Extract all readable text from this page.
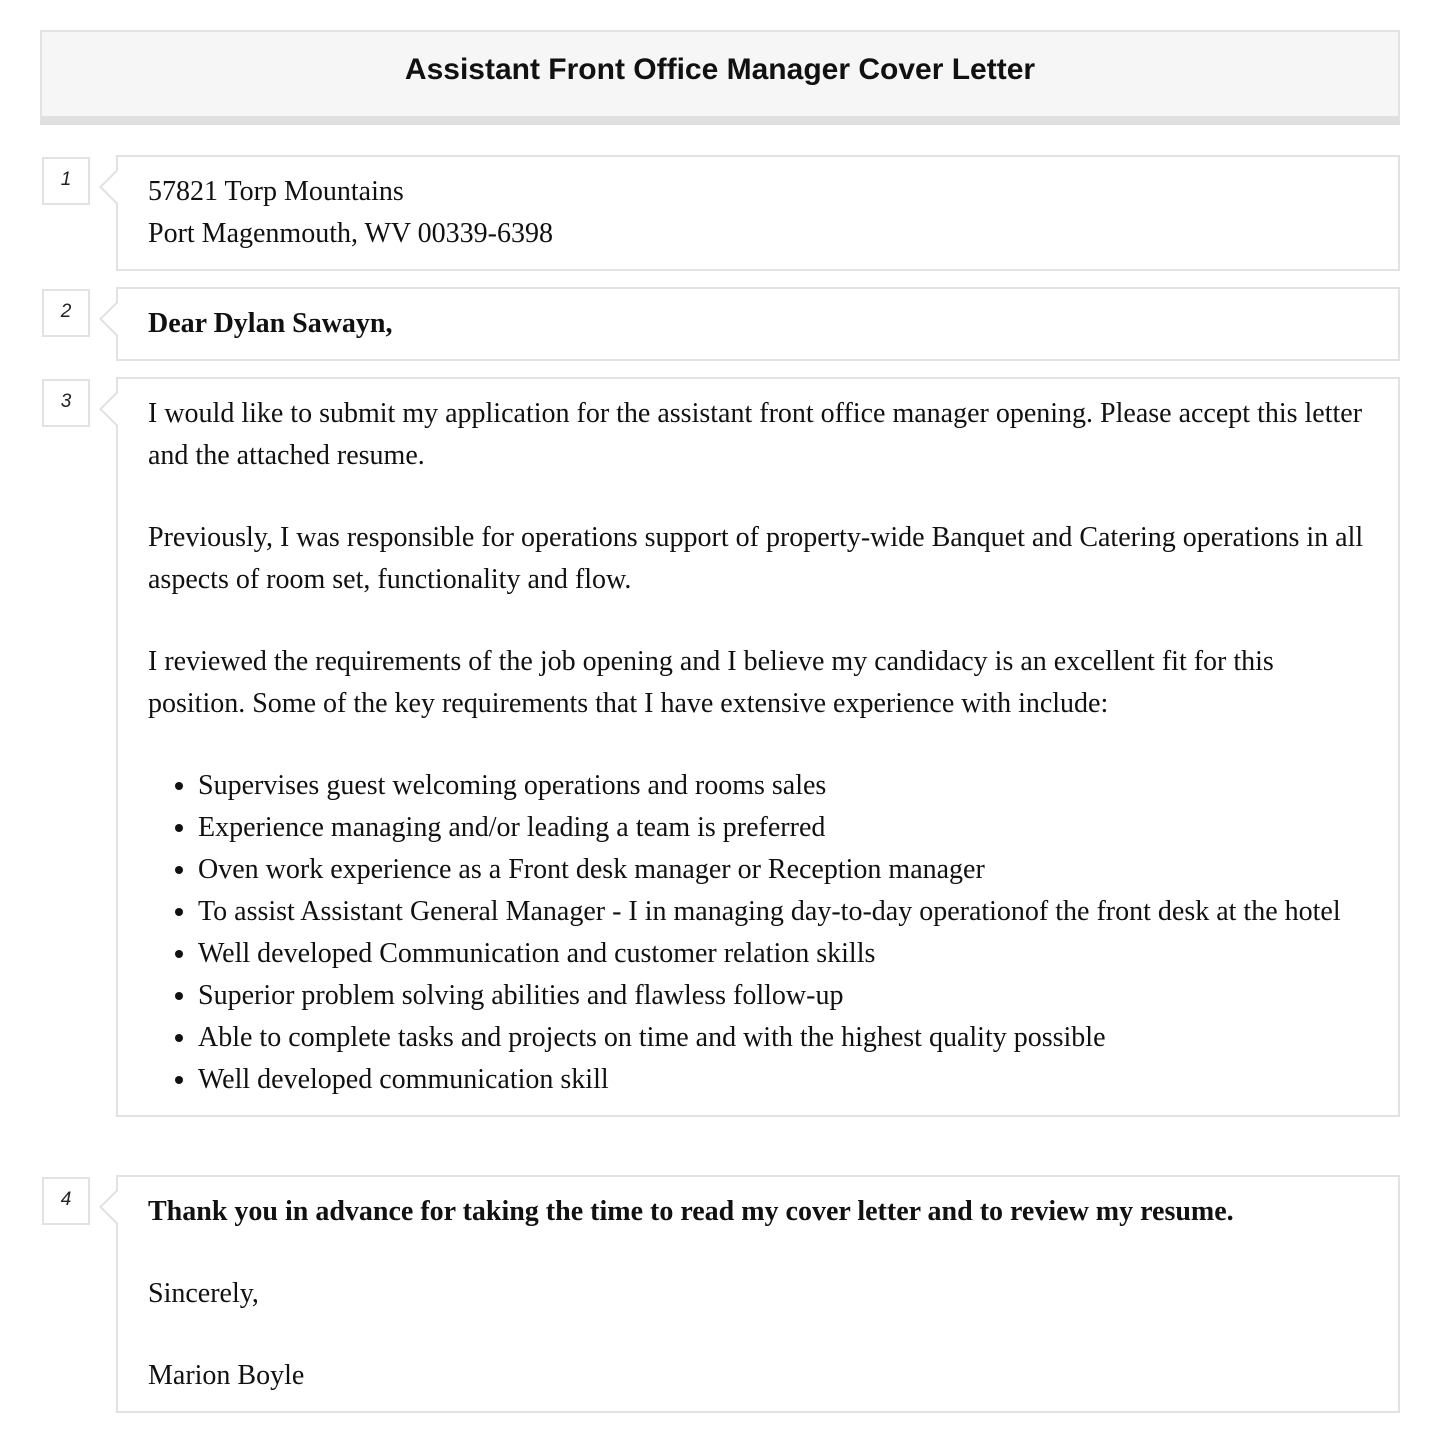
Assistant Front Office Manager Cover Letter
1	57821 Torp Mountains
Port Magenmouth, WV 00339-6398
2	Dear Dylan Sawayn,
3	I would like to submit my application for the assistant front office manager opening. Please accept this letter and the attached resume.

Previously, I was responsible for operations support of property-wide Banquet and Catering operations in all aspects of room set, functionality and flow.

I reviewed the requirements of the job opening and I believe my candidacy is an excellent fit for this position. Some of the key requirements that I have extensive experience with include:

• Supervises guest welcoming operations and rooms sales
• Experience managing and/or leading a team is preferred
• Oven work experience as a Front desk manager or Reception manager
• To assist Assistant General Manager - I in managing day-to-day operationof the front desk at the hotel
• Well developed Communication and customer relation skills
• Superior problem solving abilities and flawless follow-up
• Able to complete tasks and projects on time and with the highest quality possible
• Well developed communication skill
4	Thank you in advance for taking the time to read my cover letter and to review my resume.

Sincerely,

Marion Boyle
